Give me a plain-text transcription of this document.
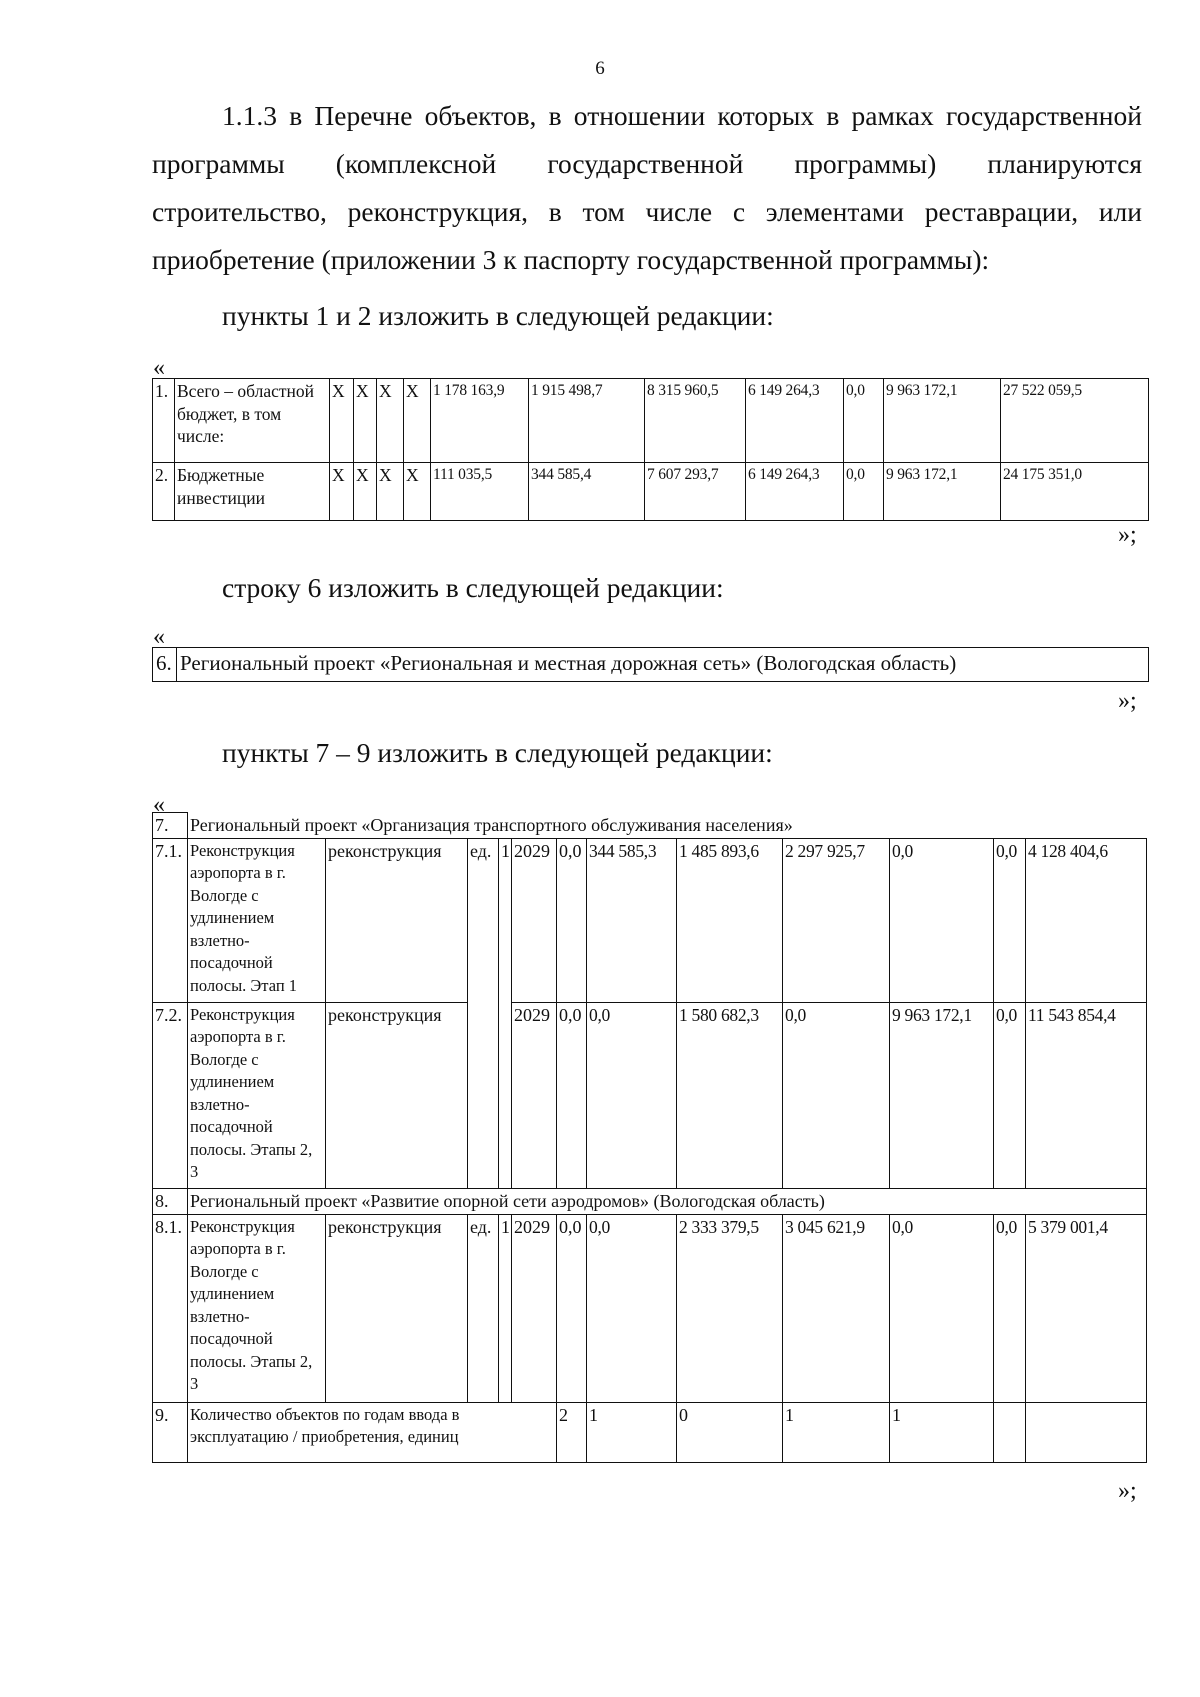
6
1.1.3 в Перечне объектов, в отношении которых в рамках государственной программы (комплексной государственной программы) планируются строительство, реконструкция, в том числе с элементами реставрации, или приобретение (приложении 3 к паспорту государственной программы):
пункты 1 и 2 изложить в следующей редакции:
«
1.	Всего – областной бюджет, в том числе:	Х	Х	Х	Х	1 178 163,9	1 915 498,7	8 315 960,5	6 149 264,3	0,0	9 963 172,1	27 522 059,5
2.	Бюджетные инвестиции	Х	Х	Х	Х	111 035,5	344 585,4	7 607 293,7	6 149 264,3	0,0	9 963 172,1	24 175 351,0
»;
строку 6 изложить в следующей редакции:
«
6.	Региональный проект «Региональная и местная дорожная сеть» (Вологодская область)
»;
пункты 7 – 9 изложить в следующей редакции:
«
7.	Региональный проект «Организация транспортного обслуживания населения»											
7.1.	Реконструкция аэропорта в г. Вологде с удлинением взлетно-посадочной полосы. Этап 1	реконструкция	ед.	1	2029	0,0	344 585,3	1 485 893,6	2 297 925,7	0,0	0,0	4 128 404,6
7.2.	Реконструкция аэропорта в г. Вологде с удлинением взлетно-посадочной полосы. Этапы 2, 3	реконструкция			2029	0,0	0,0	1 580 682,3	0,0	9 963 172,1	0,0	11 543 854,4
8.	Региональный проект «Развитие опорной сети аэродромов» (Вологодская область)											
8.1.	Реконструкция аэропорта в г. Вологде с удлинением взлетно-посадочной полосы. Этапы 2, 3	реконструкция	ед.	1	2029	0,0	0,0	2 333 379,5	3 045 621,9	0,0	0,0	5 379 001,4
9.	Количество объектов по годам ввода в эксплуатацию / приобретения, единиц					2	1	0	1	1		
»;
